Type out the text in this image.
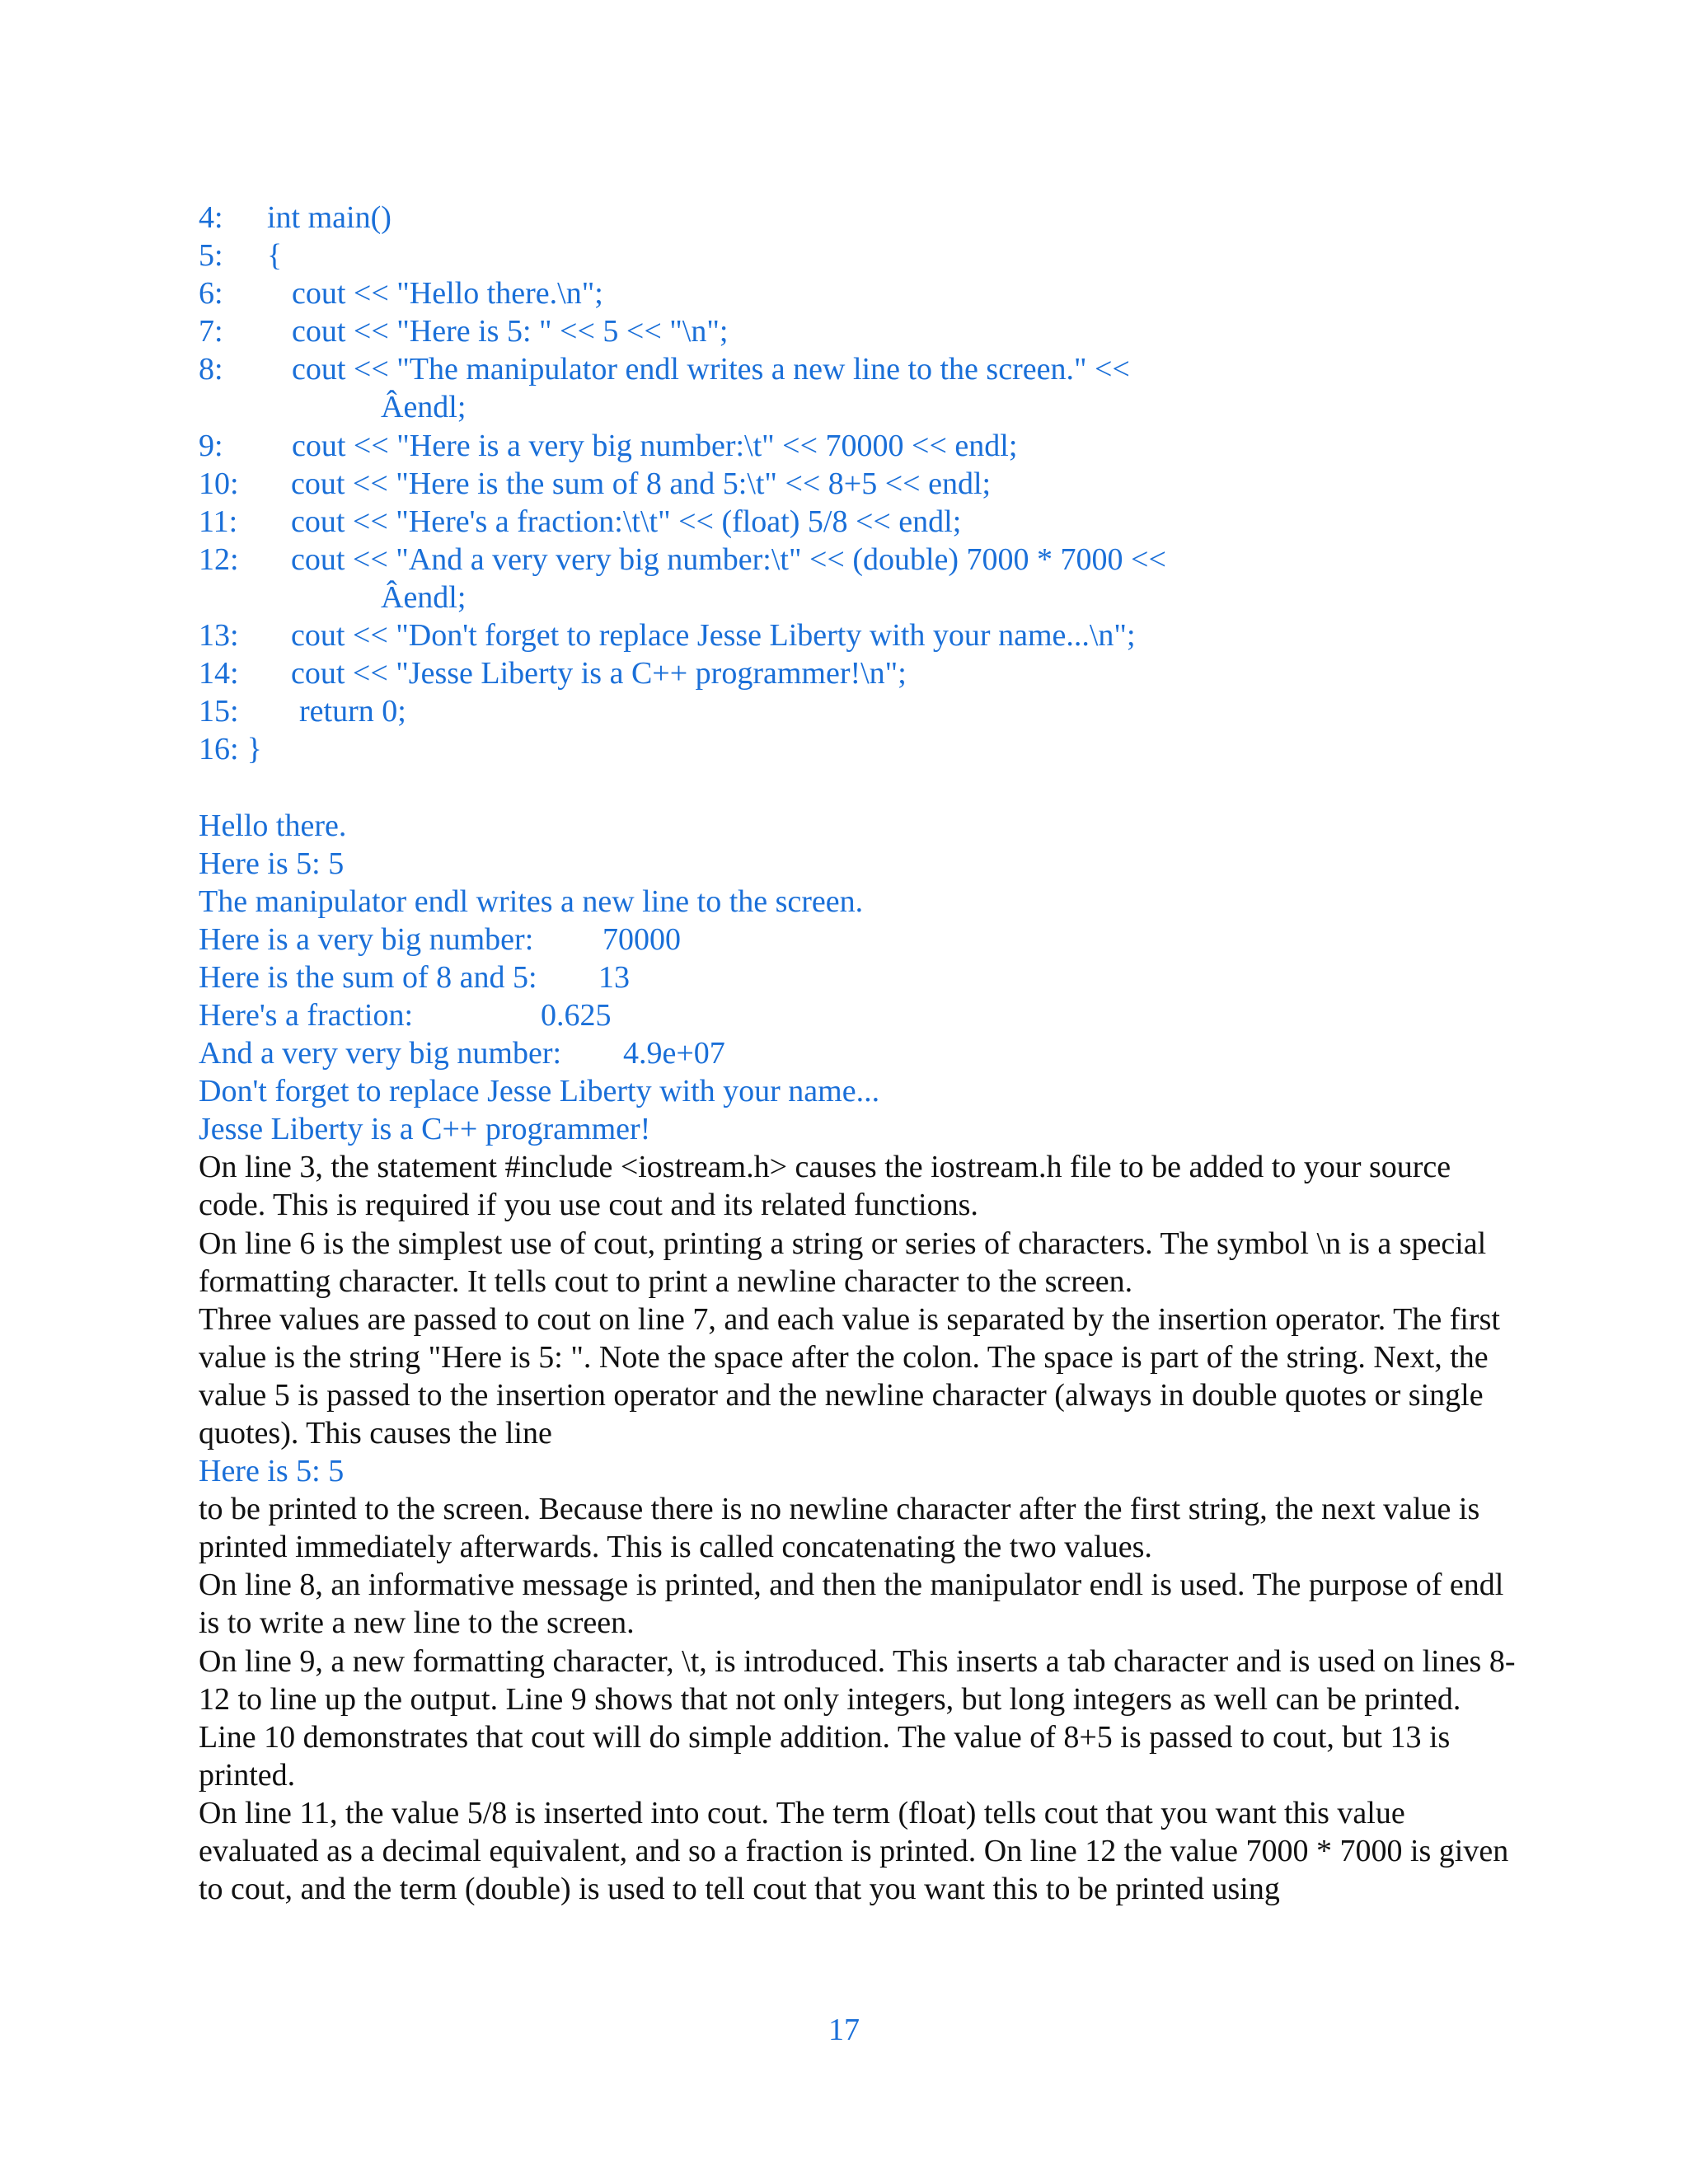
4: int main()
5: {
6: cout << "Hello there.\n";
7: cout << "Here is 5: " << 5 << "\n";
8: cout << "The manipulator endl writes a new line to the screen." <<
Âendl;
9: cout << "Here is a very big number:\t" << 70000 << endl;
10: cout << "Here is the sum of 8 and 5:\t" << 8+5 << endl;
11: cout << "Here's a fraction:\t\t" << (float) 5/8 << endl;
12: cout << "And a very very big number:\t" << (double) 7000 * 7000 <<
Âendl;
13: cout << "Don't forget to replace Jesse Liberty with your name...\n";
14: cout << "Jesse Liberty is a C++ programmer!\n";
15: return 0;
16: }
Hello there.
Here is 5: 5
The manipulator endl writes a new line to the screen.
Here is a very big number: 70000
Here is the sum of 8 and 5: 13
Here's a fraction:	0.625
And a very very big number: 4.9e+07
Don't forget to replace Jesse Liberty with your name...
Jesse Liberty is a C++ programmer!
On line 3, the statement #include <iostream.h> causes the iostream.h file to be added to your source code. This is required if you use cout and its related functions.
On line 6 is the simplest use of cout, printing a string or series of characters. The symbol \n is a special formatting character. It tells cout to print a newline character to the screen.
Three values are passed to cout on line 7, and each value is separated by the insertion operator. The first value is the string "Here is 5: ". Note the space after the colon. The space is part of the string. Next, the value 5 is passed to the insertion operator and the newline character (always in double quotes or single quotes). This causes the line
Here is 5: 5
to be printed to the screen. Because there is no newline character after the first string, the next value is printed immediately afterwards. This is called concatenating the two values.
On line 8, an informative message is printed, and then the manipulator endl is used. The purpose of endl is to write a new line to the screen.
On line 9, a new formatting character, \t, is introduced. This inserts a tab character and is used on lines 8-12 to line up the output. Line 9 shows that not only integers, but long integers as well can be printed. Line 10 demonstrates that cout will do simple addition. The value of 8+5 is passed to cout, but 13 is printed.
On line 11, the value 5/8 is inserted into cout. The term (float) tells cout that you want this value evaluated as a decimal equivalent, and so a fraction is printed. On line 12 the value 7000 * 7000 is given to cout, and the term (double) is used to tell cout that you want this to be printed using
17
